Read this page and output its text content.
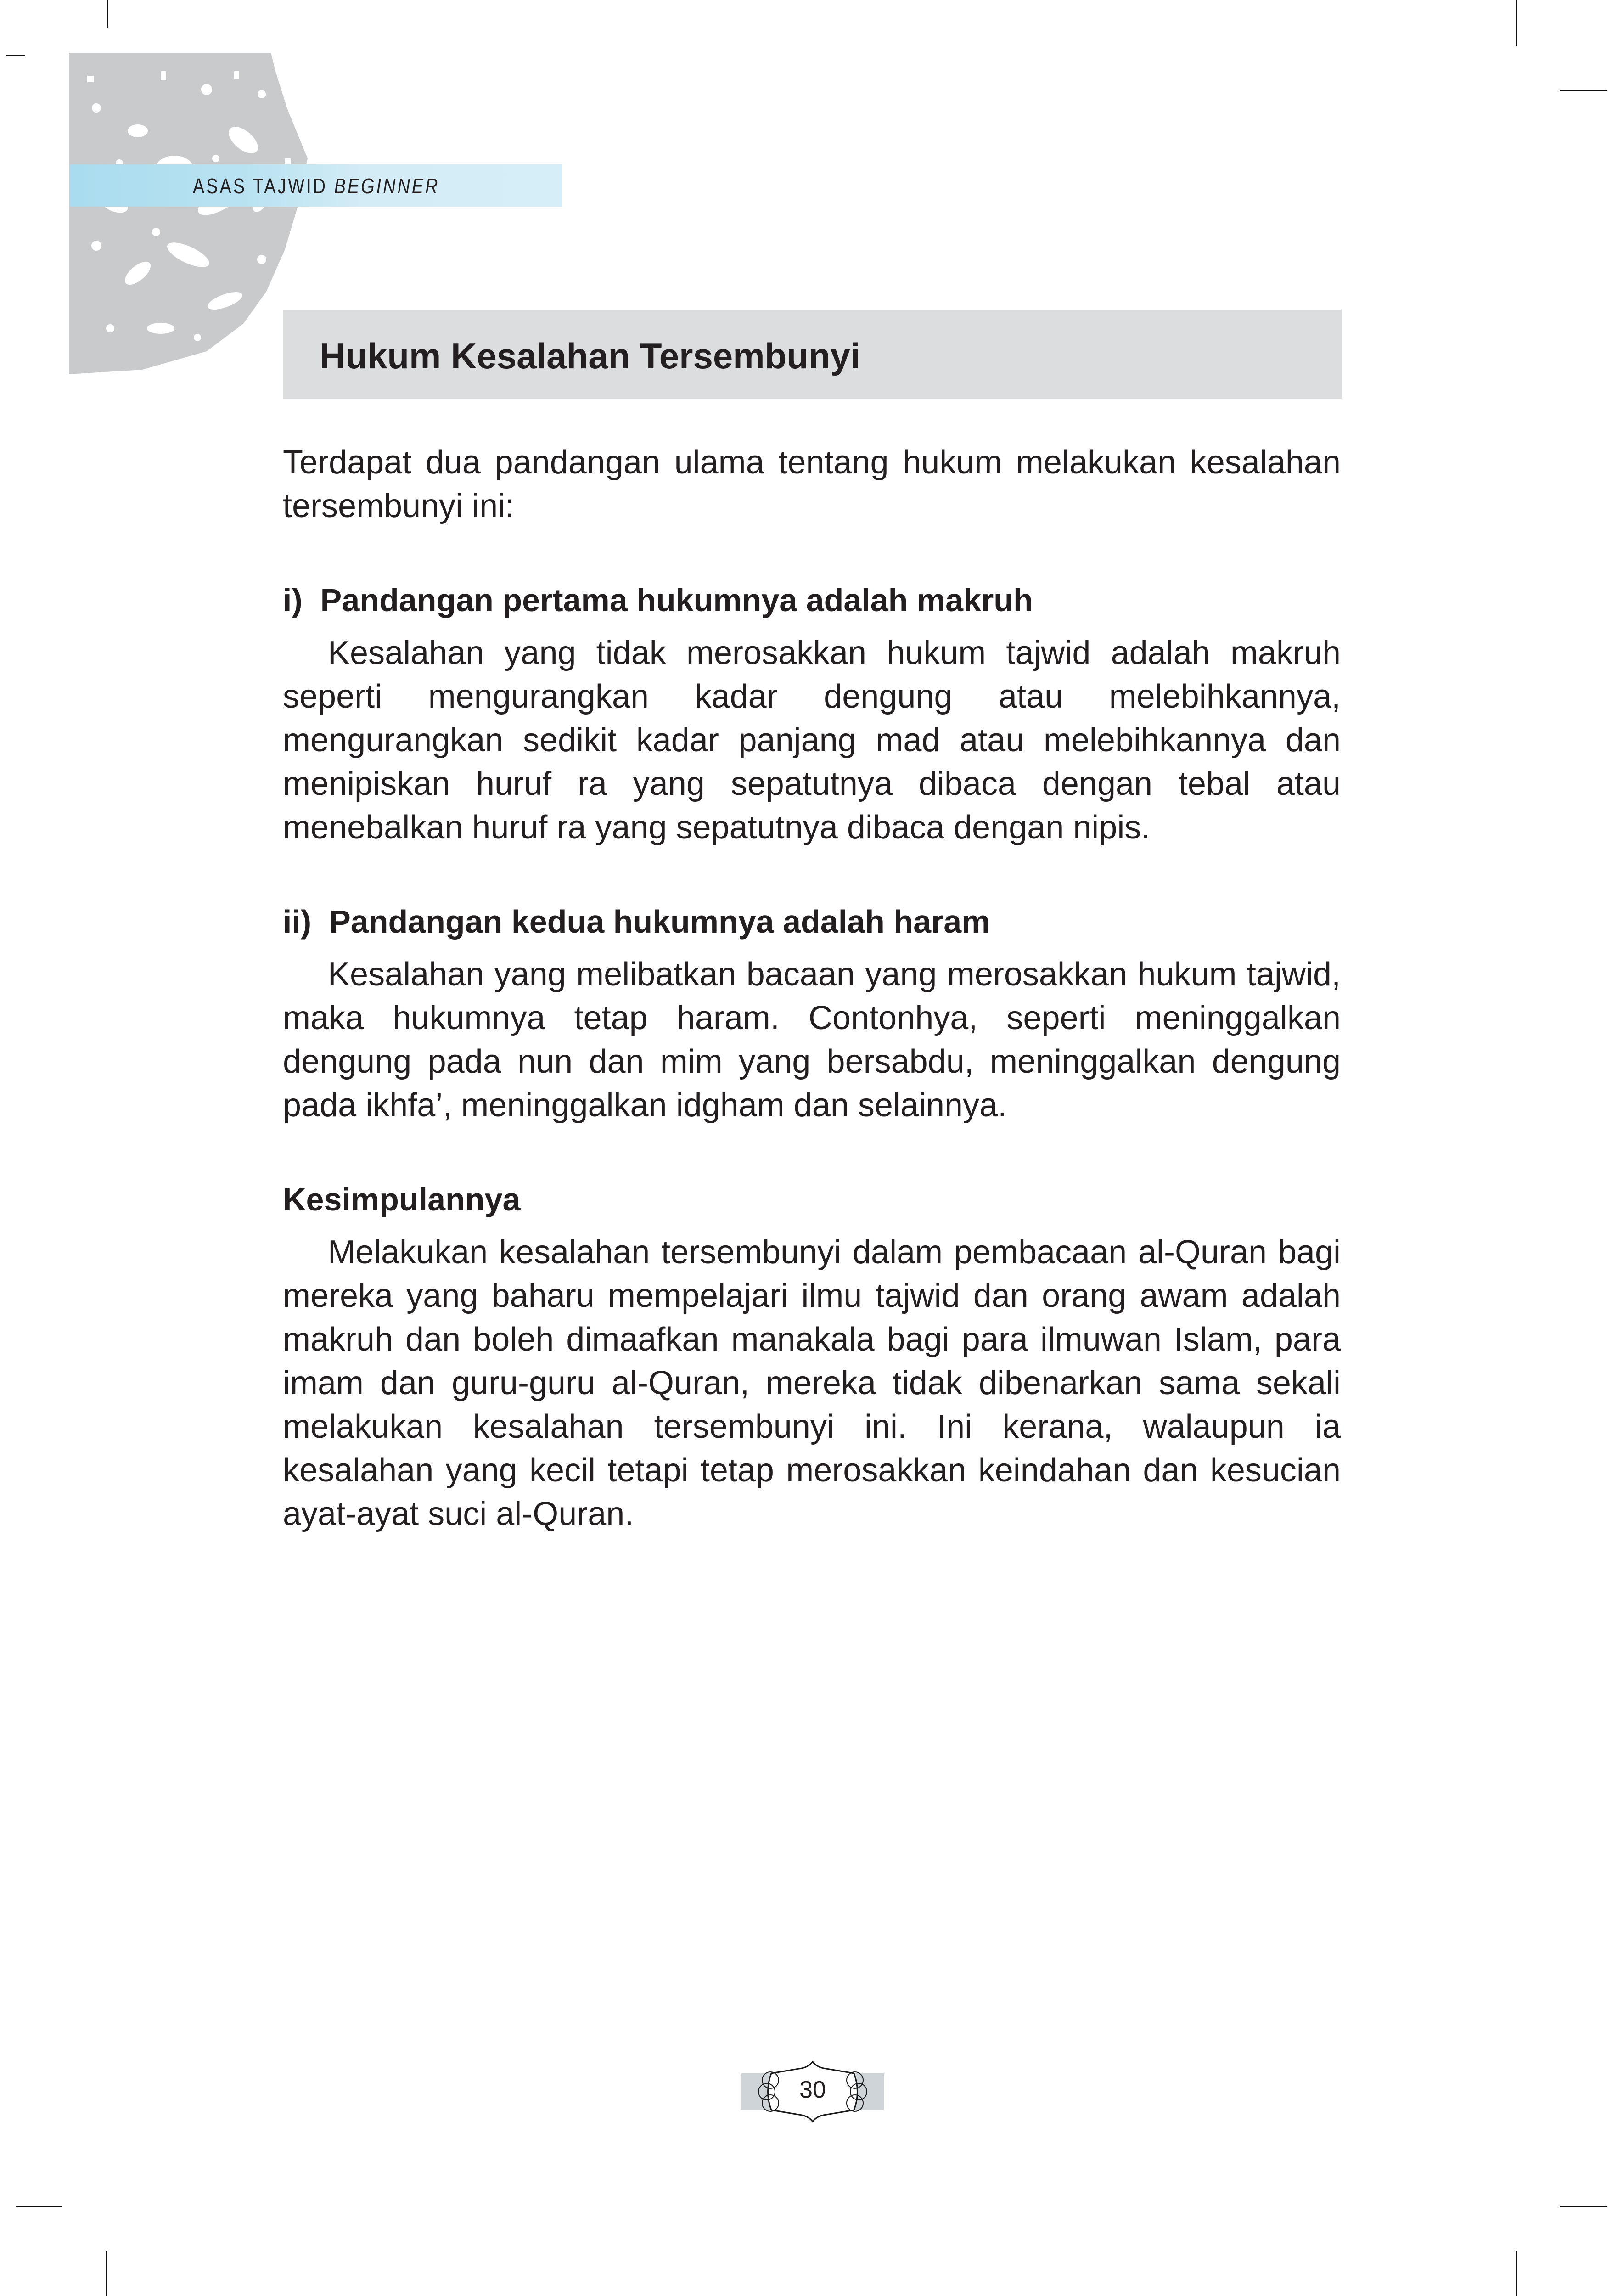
ASAS TAJWID BEGINNER
Hukum Kesalahan Tersembunyi

Terdapat dua pandangan ulama tentang hukum melakukan kesalahan tersembunyi ini:

i)  Pandangan pertama hukumnya adalah makruh

Kesalahan yang tidak merosakkan hukum tajwid adalah makruh seperti mengurangkan kadar dengung atau melebihkannya, mengurangkan sedikit kadar panjang mad atau melebihkannya dan menipiskan huruf ra yang sepatutnya dibaca dengan tebal atau menebalkan huruf ra yang sepatutnya dibaca dengan nipis.

ii)  Pandangan kedua hukumnya adalah haram

Kesalahan yang melibatkan bacaan yang merosakkan hukum tajwid, maka hukumnya tetap haram. Contonhya, seperti meninggalkan dengung pada nun dan mim yang bersabdu, meninggalkan dengung pada ikhfa’, meninggalkan idgham dan selainnya.

Kesimpulannya

Melakukan kesalahan tersembunyi dalam pembacaan al-Quran bagi mereka yang baharu mempelajari ilmu tajwid dan orang awam adalah makruh dan boleh dimaafkan manakala bagi para ilmuwan Islam, para imam dan guru-guru al-Quran, mereka tidak dibenarkan sama sekali melakukan kesalahan tersembunyi ini. Ini kerana, walaupun ia kesalahan yang kecil tetapi tetap merosakkan keindahan dan kesucian ayat-ayat suci al-Quran.

30
